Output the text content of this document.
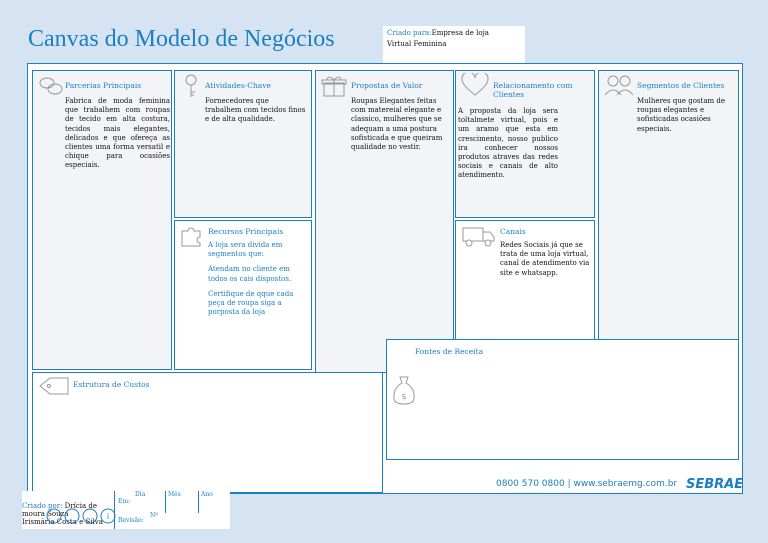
Canvas do Modelo de Negócios	Criado para:Empresa de loja
Virtual Feminina
Parcerias Principais
Fabrica de moda feminina que trabalhem com roupas de tecido em alta costura, tecidos mais elegantes, delicados e que ofereça as clientes uma forma versatil e chique para ocasiões especiais.
Atividades-Chave
Fornecedores que trabalhem com tecidos finos e de alta qualidade.
Recursos Principais

A loja sera divida em segmentos que:

Atendam no cliente em todos os cais dispostos.

Certifique de qque cada peça de roupa siga a porposta da loja

Propostas de Valor
Roupas Elegantes feitas com matereial elegante e classico, mulheres que se adequam a uma postura sofisticada e que queiram qualidade no vestir.
Relacionamento com Clientes
A proposta da loja sera toltalmete virtual, pois e um aramo que esta em crescimento, nosso publico ira conhecer nossos produtos atraves das redes sociais e canais de alto atendimento.
Canais
Redes Sociais já que se trata de uma loja virtual, canal de atendimento via site e whatsapp.
Segmentos de Clientes
Mulheres que gostam de roupas elegantes e sofisticadas ocasiões especiais.
Estrutura de Custos
$
Fontes de Receita
0800 570 0800 | www.sebraemg.com.br SEBRAE
Criado por: Drícia de
moura Souza
Irismária Costa e Silva
i
Em:
Dia	Mês	Ano
Revisão:
Nº
